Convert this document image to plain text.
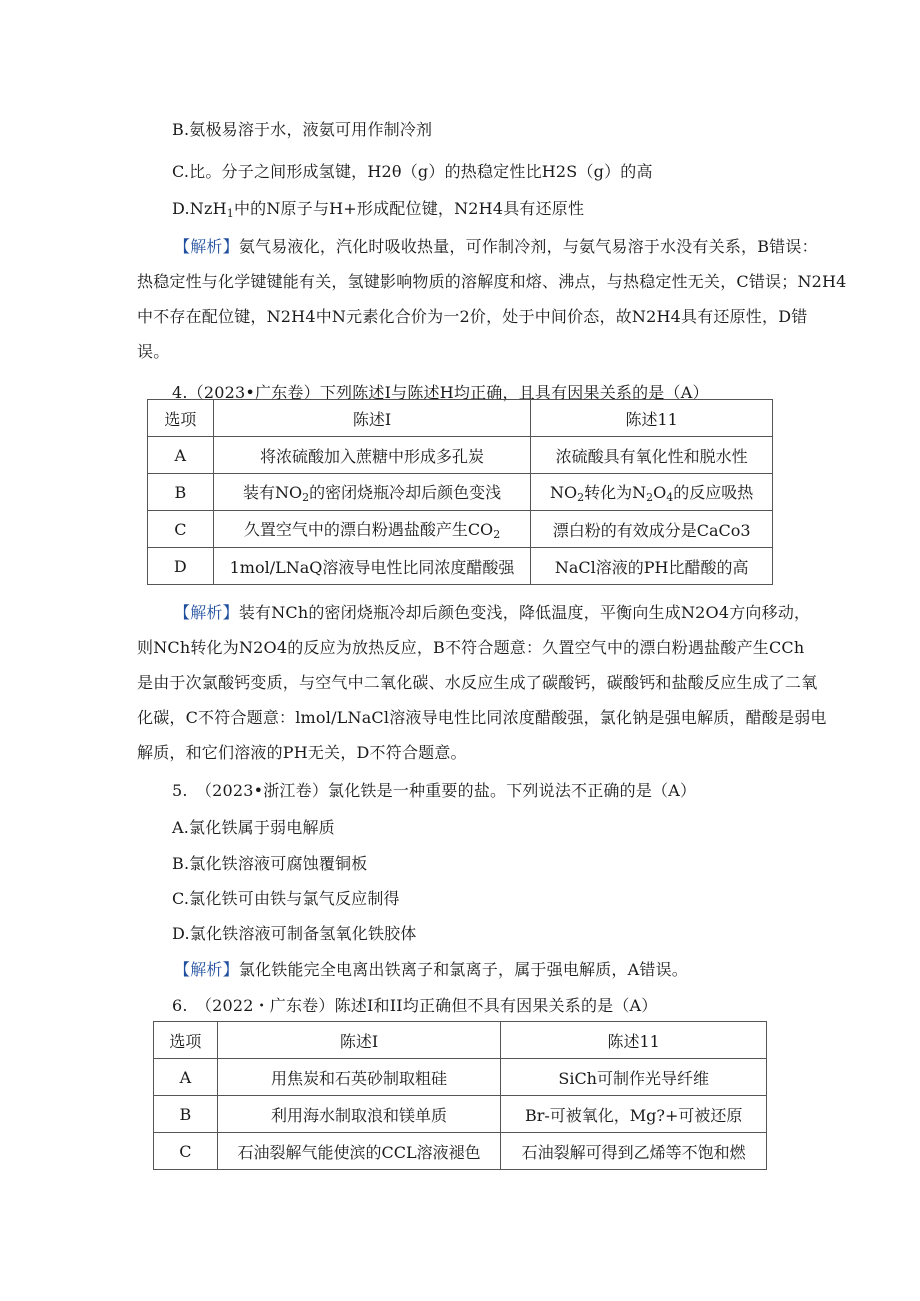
B.氨极易溶于水，液氨可用作制冷剂
C.比。分子之间形成氢键，H2θ（g）的热稳定性比H2S（g）的高
D.NzH$_1$中的N原子与H+形成配位键，N2H4具有还原性
【解析】氨气易液化，汽化时吸收热量，可作制冷剂，与氨气易溶于水没有关系，B错误：
热稳定性与化学键键能有关，氢键影响物质的溶解度和熔、沸点，与热稳定性无关，C错误；N2H4
中不存在配位键，N2H4中N元素化合价为一2价，处于中间价态，故N2H4具有还原性，D错
误。
4.（2023•广东卷）下列陈述I与陈述H均正确，且具有因果关系的是（A）
选项	陈述I	陈述11
A	将浓硫酸加入蔗糖中形成多孔炭	浓硫酸具有氧化性和脱水性
B	装有$NO_2$的密闭烧瓶冷却后颜色变浅	$NO_2$转化为$N_2O_4$的反应吸热
C	久置空气中的漂白粉遇盐酸产生$CO_2$	漂白粉的有效成分是CaCo3
D	1mol/LNaQ溶液导电性比同浓度醋酸强	NaCl溶液的PH比醋酸的高
【解析】装有NCh的密闭烧瓶冷却后颜色变浅，降低温度，平衡向生成N2O4方向移动，
则NCh转化为N2O4的反应为放热反应，B不符合题意：久置空气中的漂白粉遇盐酸产生CCh
是由于次氯酸钙变质，与空气中二氧化碳、水反应生成了碳酸钙，碳酸钙和盐酸反应生成了二氧
化碳，C不符合题意：lmol/LNaCl溶液导电性比同浓度醋酸强，氯化钠是强电解质，醋酸是弱电
解质，和它们溶液的PH无关，D不符合题意。
5.　（2023•浙江卷）氯化铁是一种重要的盐。下列说法不正确的是（A）
A.氯化铁属于弱电解质
B.氯化铁溶液可腐蚀覆铜板
C.氯化铁可由铁与氯气反应制得
D.氯化铁溶液可制备氢氧化铁胶体
【解析】氯化铁能完全电离出铁离子和氯离子，属于强电解质，A错误。
6.　（2022・广东卷）陈述I和II均正确但不具有因果关系的是（A）
选项	陈述I	陈述11
A	用焦炭和石英砂制取粗硅	SiCh可制作光导纤维
B	利用海水制取浪和镁单质	Br-可被氧化，Mg?+可被还原
C	石油裂解气能使滨的CCL溶液褪色	石油裂解可得到乙烯等不饱和燃
